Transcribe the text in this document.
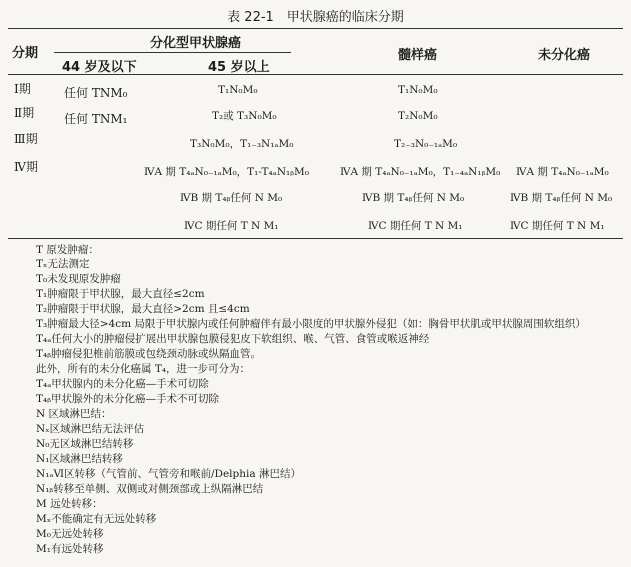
表 22-1　甲状腺癌的临床分期
分期
分化型甲状腺癌
44 岁及以下	45 岁以上
髓样癌	未分化癌
Ⅰ期
Ⅱ期
Ⅲ期
Ⅳ期
任何 TNM₀
任何 TNM₁
T₁N₀M₀
T₂或 T₃N₀M₀
T₃N₀M₀，T₁₋₃N₁ₐM₀
ⅣA 期 T₄ₐN₀₋₁ₐM₀，T₁-T₄ₐN₁ᵦM₀
ⅣB 期 T₄ᵦ任何 N M₀
ⅣC 期任何 T N M₁
T₁N₀M₀
T₂N₀M₀
T₂₋₃N₀₋₁ₐM₀
ⅣA 期 T₄ₐN₀₋₁ₐM₀，T₁₋₄ₐN₁ᵦM₀
ⅣB 期 T₄ᵦ任何 N M₀
ⅣC 期任何 T N M₁
ⅣA 期 T₄ₐN₀₋₁ₐM₀
ⅣB 期 T₄ᵦ任何 N M₀
ⅣC 期任何 T N M₁
T 原发肿瘤：
Tₓ无法测定
T₀未发现原发肿瘤
T₁肿瘤限于甲状腺，最大直径≤2cm
T₂肿瘤限于甲状腺，最大直径>2cm 且≤4cm
T₃肿瘤最大径>4cm 局限于甲状腺内或任何肿瘤伴有最小限度的甲状腺外侵犯（如：胸骨甲状肌或甲状腺周围软组织）
T₄ₐ任何大小的肿瘤侵扩展出甲状腺包膜侵犯皮下软组织、喉、气管、食管或喉返神经
T₄ᵦ肿瘤侵犯椎前筋膜或包绕颈动脉或纵隔血管。
此外，所有的未分化癌属 T₄，进一步可分为：
T₄ₐ甲状腺内的未分化癌—手术可切除
T₄ᵦ甲状腺外的未分化癌—手术不可切除
N 区域淋巴结：
Nₓ区域淋巴结无法评估
N₀无区域淋巴结转移
N₁区域淋巴结转移
N₁ₐⅥ区转移（气管前、气管旁和喉前/Delphia 淋巴结）
N₁ᵦ转移至单侧、双侧或对侧颈部或上纵隔淋巴结
M 远处转移：
Mₓ不能确定有无远处转移
M₀无远处转移
M₁有远处转移
